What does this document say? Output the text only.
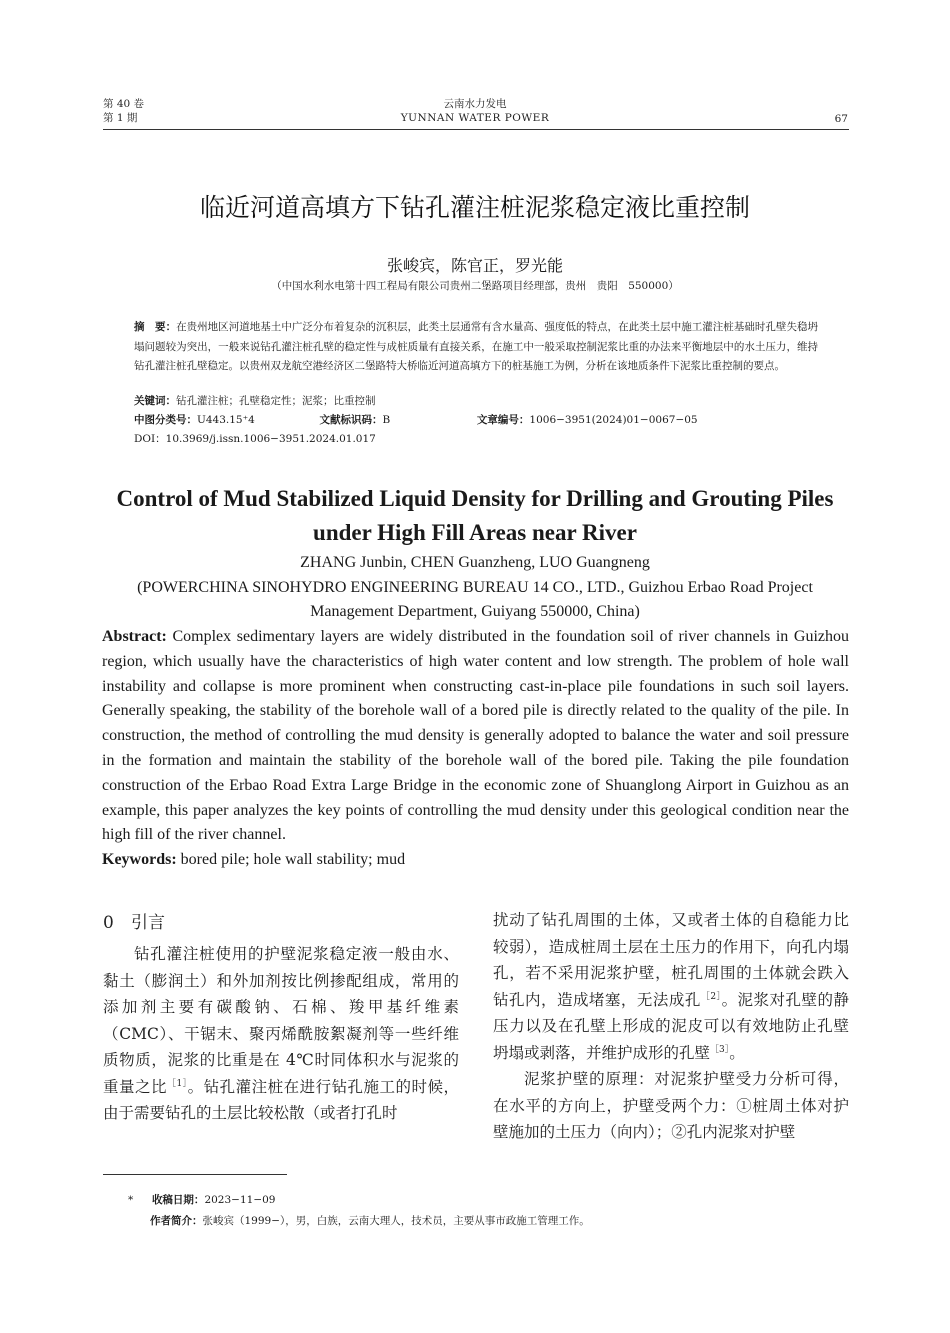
第 40 卷
第 1 期
云南水力发电
YUNNAN WATER POWER	67
临近河道高填方下钻孔灌注桩泥浆稳定液比重控制
张峻宾，陈官正，罗光能
（中国水利水电第十四工程局有限公司贵州二堡路项目经理部，贵州　贵阳　550000）
摘　要：在贵州地区河道地基土中广泛分布着复杂的沉积层，此类土层通常有含水量高、强度低的特点，在此类土层中施工灌注桩基础时孔壁失稳坍塌问题较为突出，一般来说钻孔灌注桩孔壁的稳定性与成桩质量有直接关系，在施工中一般采取控制泥浆比重的办法来平衡地层中的水土压力，维持钻孔灌注桩孔壁稳定。以贵州双龙航空港经济区二堡路特大桥临近河道高填方下的桩基施工为例，分析在该地质条件下泥浆比重控制的要点。
关键词：钻孔灌注桩；孔壁稳定性；泥浆；比重控制
中图分类号：U443.15⁺4	文献标识码：B	文章编号：1006−3951(2024)01−0067−05
DOI：10.3969/j.issn.1006−3951.2024.01.017
Control of Mud Stabilized Liquid Density for Drilling and Grouting Piles under High Fill Areas near River
ZHANG Junbin, CHEN Guanzheng, LUO Guangneng
(POWERCHINA SINOHYDRO ENGINEERING BUREAU 14 CO., LTD., Guizhou Erbao Road Project
Management Department, Guiyang 550000, China)
Abstract: Complex sedimentary layers are widely distributed in the foundation soil of river channels in Guizhou region, which usually have the characteristics of high water content and low strength. The problem of hole wall instability and collapse is more prominent when constructing cast-in-place pile foundations in such soil layers. Generally speaking, the stability of the borehole wall of a bored pile is directly related to the quality of the pile. In construction, the method of controlling the mud density is generally adopted to balance the water and soil pressure in the formation and maintain the stability of the borehole wall of the bored pile. Taking the pile foundation construction of the Erbao Road Extra Large Bridge in the economic zone of Shuanglong Airport in Guizhou as an example, this paper analyzes the key points of controlling the mud density under this geological condition near the high fill of the river channel.
Keywords: bored pile; hole wall stability; mud
0 引言

钻孔灌注桩使用的护壁泥浆稳定液一般由水、黏土（膨润土）和外加剂按比例掺配组成，常用的添加剂主要有碳酸钠、石棉、羧甲基纤维素（CMC）、干锯末、聚丙烯酰胺絮凝剂等一些纤维质物质，泥浆的比重是在 4℃时同体积水与泥浆的重量之比$^{[1]}$。钻孔灌注桩在进行钻孔施工的时候，由于需要钻孔的土层比较松散（或者打孔时

扰动了钻孔周围的土体，又或者土体的自稳能力比较弱），造成桩周土层在土压力的作用下，向孔内塌孔，若不采用泥浆护壁，桩孔周围的土体就会跌入钻孔内，造成堵塞，无法成孔$^{[2]}$。泥浆对孔壁的静压力以及在孔壁上形成的泥皮可以有效地防止孔壁坍塌或剥落，并维护成形的孔壁$^{[3]}$。

泥浆护壁的原理：对泥浆护壁受力分析可得，在水平的方向上，护壁受两个力：①桩周土体对护壁施加的土压力（向内）；②孔内泥浆对护壁

* 收稿日期：2023−11−09
作者简介：张峻宾（1999−），男，白族，云南大理人，技术员，主要从事市政施工管理工作。
